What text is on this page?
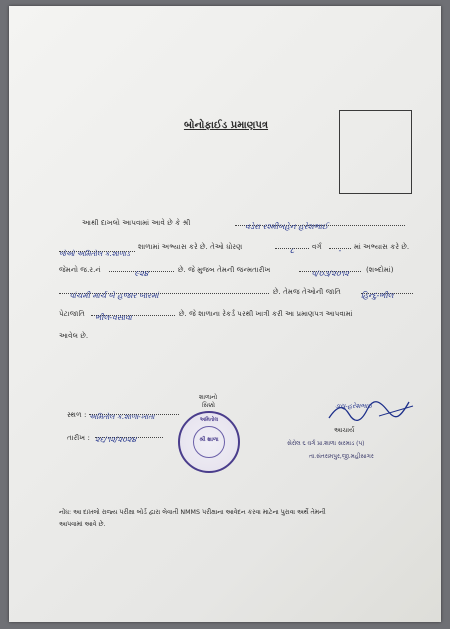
બોનોફાઈડ પ્રમાણપત્ર
આથી દાખલો આપવામાં આવે છે કે શ્રી	વડેરા રશ્મીબહેન હરેશભાઈ
જેઓ અમિતોલ ક.શાળાડ
શાળામાં અભ્યાસ કરે છે. તેઓ ધોરણ	૮	વર્ગ	-	માં અભ્યાસ કરે છે.
જેમનો જ.ર.નં	૯૨૪	છે. જે મુજબ તેમની જન્મતારીખ	૫/૦૩/૨૦૧૨	(શબ્દોમાં)
પાંચમી માર્ચ બે હજાર બારમાં	છે. તેમજ તેઓની જાતિ	હિન્દુ-ભીલ
પેટાજાતિ	ભીલ-વસાવા	છે. જે શાળાના રેકર્ડ પરથી ખાત્રી કરી આ પ્રમાણપત્ર આપવામાં
આવેલ છે.
સ્થળ : અમિતોલ ક.શાળા-ખાતા
તારીખ : ૨૬/૧૨/૨૦૨૪
શાળાનો
સિક્કો
અમિતોલ
શ્રી શાળા
ડાચુ-હરેશભાઈ
આચાર્ય
સેરોલ ૬ વર્ગ પ્રા.શાળા સરમાડ (પ)
તા.સંતરામપુર,જી.મહીસાગર
નોંધ: આ દાખલો રાજ્ય પરીક્ષા બોર્ડ દ્વારા લેવાતી NMMS પરીક્ષાના આવેદન કરવા માટેના પુરાવા અર્થે તેમની
આપવામાં આવે છે.
